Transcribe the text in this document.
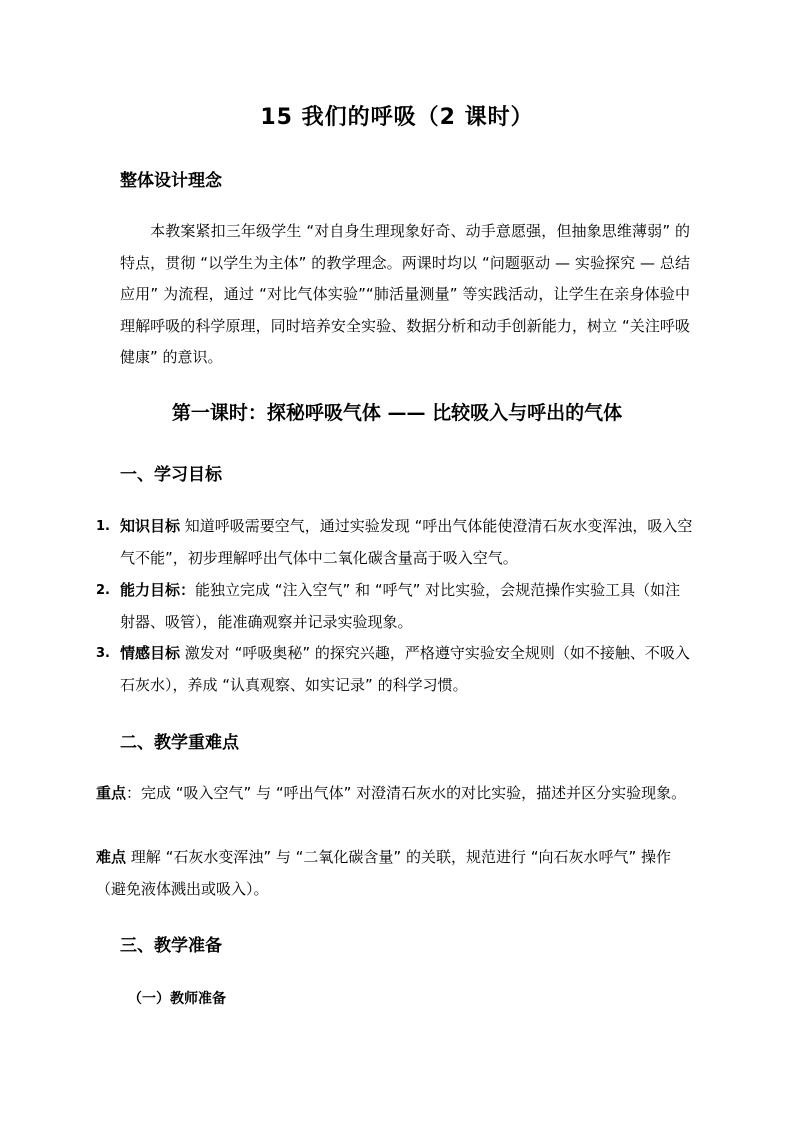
15 我们的呼吸（2 课时）
整体设计理念
本教案紧扣三年级学生 “对自身生理现象好奇、动手意愿强，但抽象思维薄弱” 的特点，贯彻 “以学生为主体” 的教学理念。两课时均以 “问题驱动 — 实验探究 — 总结应用” 为流程，通过 “对比气体实验”“肺活量测量” 等实践活动，让学生在亲身体验中理解呼吸的科学原理，同时培养安全实验、数据分析和动手创新能力，树立 “关注呼吸健康” 的意识。
第一课时：探秘呼吸气体 —— 比较吸入与呼出的气体
一、学习目标
1. 知识目标 知道呼吸需要空气，通过实验发现 “呼出气体能使澄清石灰水变浑浊，吸入空气不能”，初步理解呼出气体中二氧化碳含量高于吸入空气。
2. 能力目标：能独立完成 “注入空气” 和 “呼气” 对比实验，会规范操作实验工具（如注射器、吸管），能准确观察并记录实验现象。
3. 情感目标 激发对 “呼吸奥秘” 的探究兴趣，严格遵守实验安全规则（如不接触、不吸入石灰水），养成 “认真观察、如实记录” 的科学习惯。
二、教学重难点
重点：完成 “吸入空气” 与 “呼出气体” 对澄清石灰水的对比实验，描述并区分实验现象。
难点 理解 “石灰水变浑浊” 与 “二氧化碳含量” 的关联，规范进行 “向石灰水呼气” 操作（避免液体溅出或吸入）。
三、教学准备
（一）教师准备
